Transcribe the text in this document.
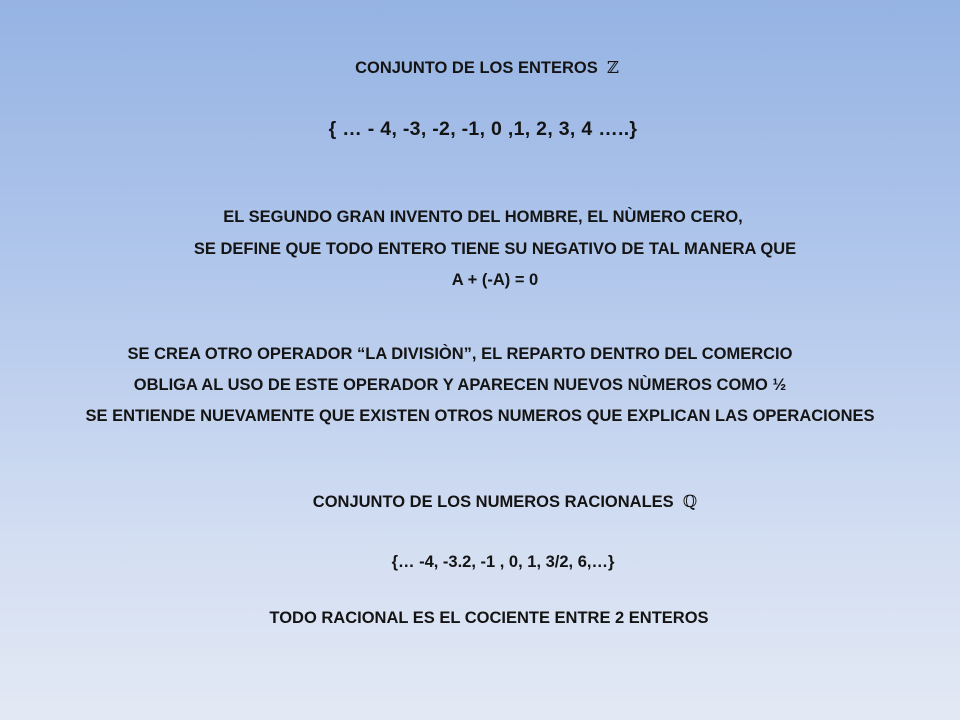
CONJUNTO DE LOS ENTEROS ℤ

{ … - 4, -3, -2, -1, 0 ,1, 2, 3, 4 …..}

EL SEGUNDO GRAN INVENTO DEL HOMBRE, EL NÙMERO CERO,

SE DEFINE QUE TODO ENTERO TIENE SU NEGATIVO DE TAL MANERA QUE

A + (-A) = 0

SE CREA OTRO OPERADOR “LA DIVISIÒN”, EL REPARTO DENTRO DEL COMERCIO

OBLIGA AL USO DE ESTE OPERADOR Y APARECEN NUEVOS NÙMEROS COMO ½

SE ENTIENDE NUEVAMENTE QUE EXISTEN OTROS NUMEROS QUE EXPLICAN LAS OPERACIONES

CONJUNTO DE LOS NUMEROS RACIONALES ℚ

{… -4, -3.2, -1 , 0, 1, 3/2, 6,…}

TODO RACIONAL ES EL COCIENTE ENTRE 2 ENTEROS
